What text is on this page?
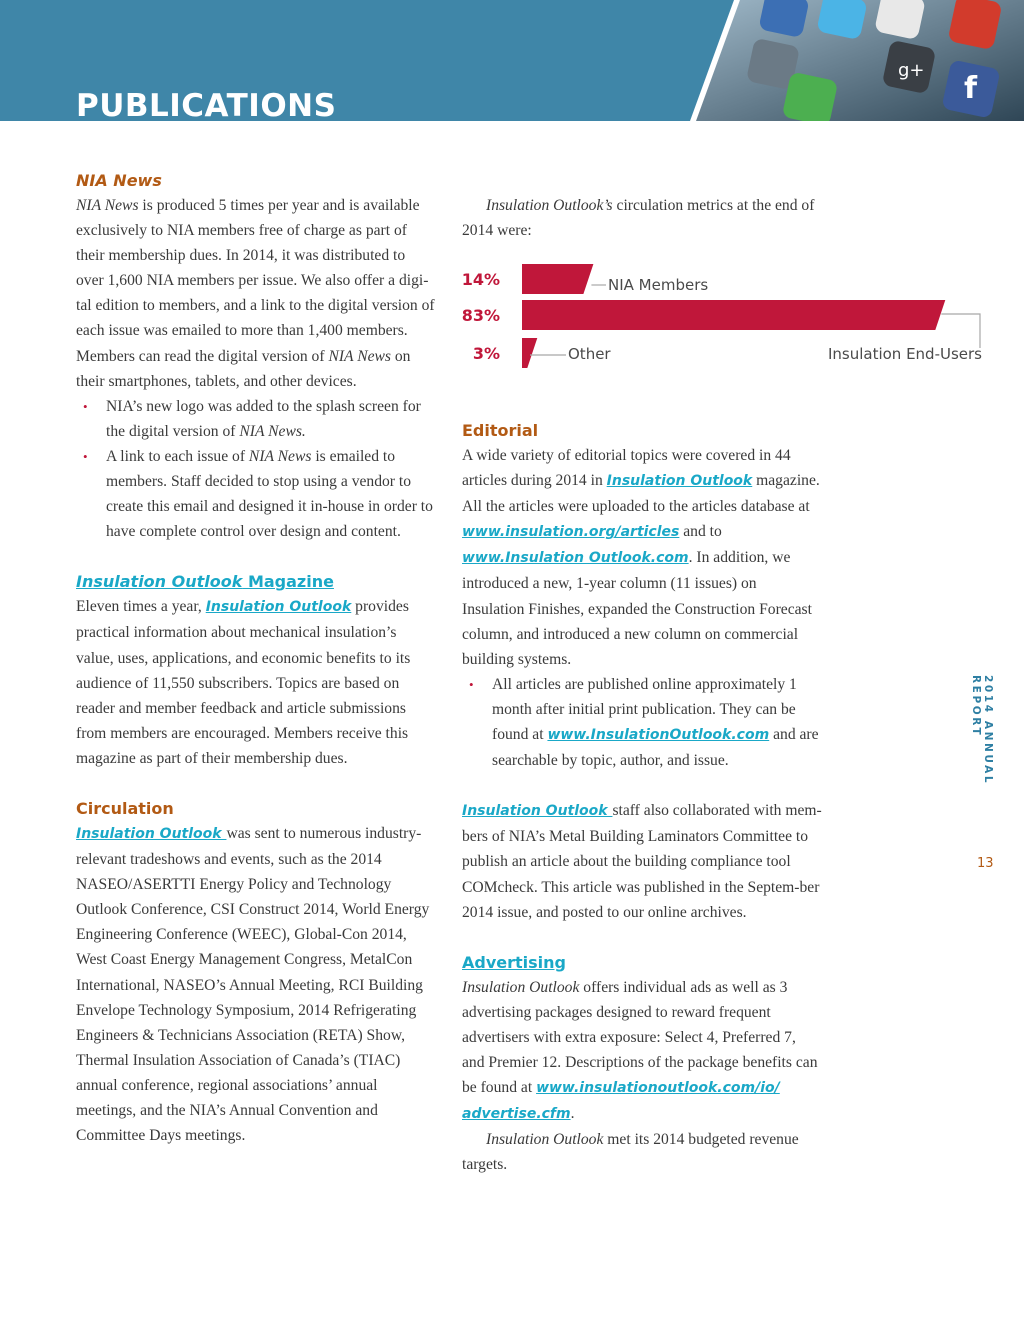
f
g+
PUBLICATIONS
NIA News

NIA News is produced 5 times per year and is available exclusively to NIA members free of charge as part of their membership dues. In 2014, it was distributed to over 1,600 NIA members per issue. We also offer a digi-tal edition to members, and a link to the digital version of each issue was emailed to more than 1,400 members. Members can read the digital version of NIA News on their smartphones, tablets, and other devices.

• NIA’s new logo was added to the splash screen for the digital version of NIA News.
• A link to each issue of NIA News is emailed to members. Staff decided to stop using a vendor to create this email and designed it in-house in order to have complete control over design and content.
Insulation Outlook Magazine

Eleven times a year, Insulation Outlook provides practical information about mechanical insulation’s value, uses, applications, and economic benefits to its audience of 11,550 subscribers. Topics are based on reader and member feedback and article submissions from members are encouraged. Members receive this magazine as part of their membership dues.

Circulation

Insulation Outlook was sent to numerous industry-relevant tradeshows and events, such as the 2014 NASEO/ASERTTI Energy Policy and Technology Outlook Conference, CSI Construct 2014, World Energy Engineering Conference (WEEC), Global-Con 2014, West Coast Energy Management Congress, MetalCon International, NASEO’s Annual Meeting, RCI Building Envelope Technology Symposium, 2014 Refrigerating Engineers & Technicians Association (RETA) Show, Thermal Insulation Association of Canada’s (TIAC) annual conference, regional associations’ annual meetings, and the NIA’s Annual Convention and Committee Days meetings.

Insulation Outlook’s circulation metrics at the end of 2014 were:

14%
83%
3%
NIA Members
Insulation End-Users
Other
Editorial

A wide variety of editorial topics were covered in 44 articles during 2014 in Insulation Outlook magazine. All the articles were uploaded to the articles database at www.insulation.org/articles and to www.Insulation Outlook.com. In addition, we introduced a new, 1-year column (11 issues) on Insulation Finishes, expanded the Construction Forecast column, and introduced a new column on commercial building systems.

• All articles are published online approximately 1 month after initial print publication. They can be found at www.InsulationOutlook.com and are searchable by topic, author, and issue.

Insulation Outlook staff also collaborated with mem-bers of NIA’s Metal Building Laminators Committee to publish an article about the building compliance tool COMcheck. This article was published in the Septem-ber 2014 issue, and posted to our online archives.

Advertising

Insulation Outlook offers individual ads as well as 3 advertising packages designed to reward frequent advertisers with extra exposure: Select 4, Preferred 7, and Premier 12. Descriptions of the package benefits can be found at www.insulationoutlook.com/io/ advertise.cfm.

Insulation Outlook met its 2014 budgeted revenue targets.

2014 ANNUAL REPORT
13
